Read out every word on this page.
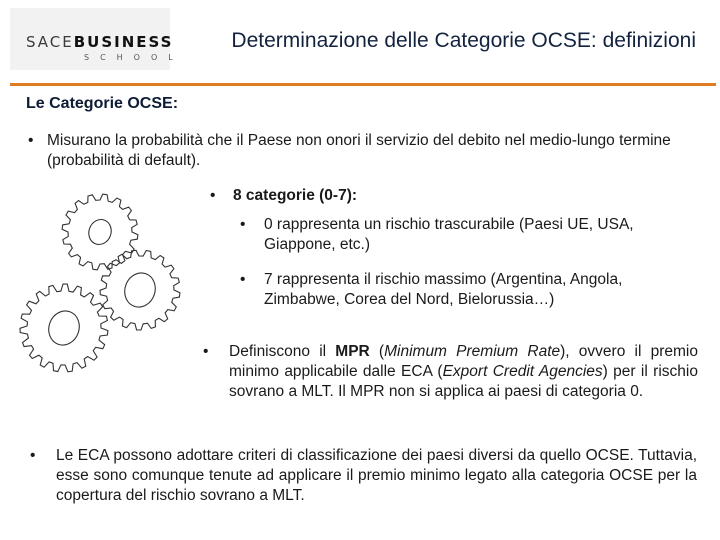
SACEBUSINESS
SCHOOL
Determinazione delle Categorie OCSE: definizioni
Le Categorie OCSE:
• Misurano la probabilità che il Paese non onori il servizio del debito nel medio-lungo termine (probabilità di default).
• 8 categorie (0-7):
• 0 rappresenta un rischio trascurabile (Paesi UE, USA, Giappone, etc.)
• 7 rappresenta il rischio massimo (Argentina, Angola, Zimbabwe, Corea del Nord, Bielorussia…)
• Definiscono il MPR (Minimum Premium Rate), ovvero il premio minimo applicabile dalle ECA (Export Credit Agencies) per il rischio sovrano a MLT. Il MPR non si applica ai paesi di categoria 0.
• Le ECA possono adottare criteri di classificazione dei paesi diversi da quello OCSE. Tuttavia, esse sono comunque tenute ad applicare il premio minimo legato alla categoria OCSE per la copertura del rischio sovrano a MLT.
